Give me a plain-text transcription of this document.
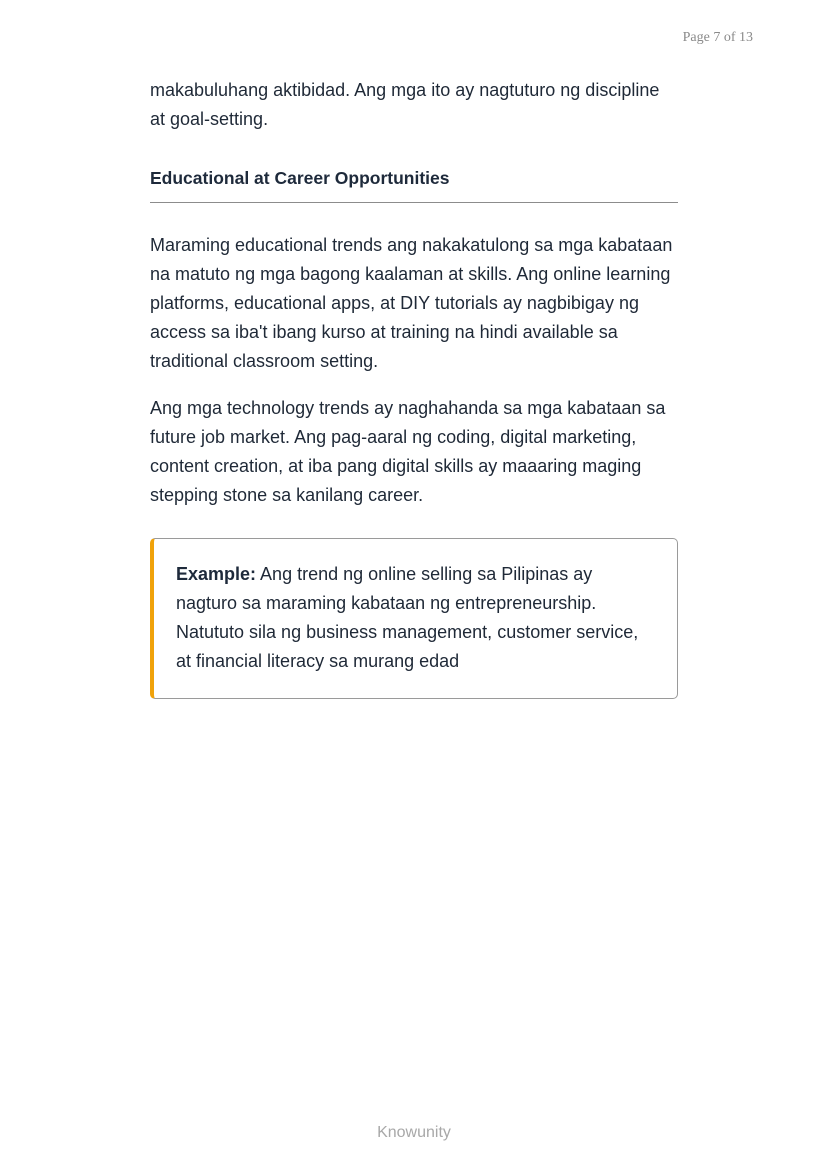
Page 7 of 13

makabuluhang aktibidad. Ang mga ito ay nagtuturo ng discipline at goal-setting.

Educational at Career Opportunities

Maraming educational trends ang nakakatulong sa mga kabataan na matuto ng mga bagong kaalaman at skills. Ang online learning platforms, educational apps, at DIY tutorials ay nagbibigay ng access sa iba't ibang kurso at training na hindi available sa traditional classroom setting.

Ang mga technology trends ay naghahanda sa mga kabataan sa future job market. Ang pag-aaral ng coding, digital marketing, content creation, at iba pang digital skills ay maaaring maging stepping stone sa kanilang career.

Example: Ang trend ng online selling sa Pilipinas ay nagturo sa maraming kabataan ng entrepreneurship. Natututo sila ng business management, customer service, at financial literacy sa murang edad
Knowunity
